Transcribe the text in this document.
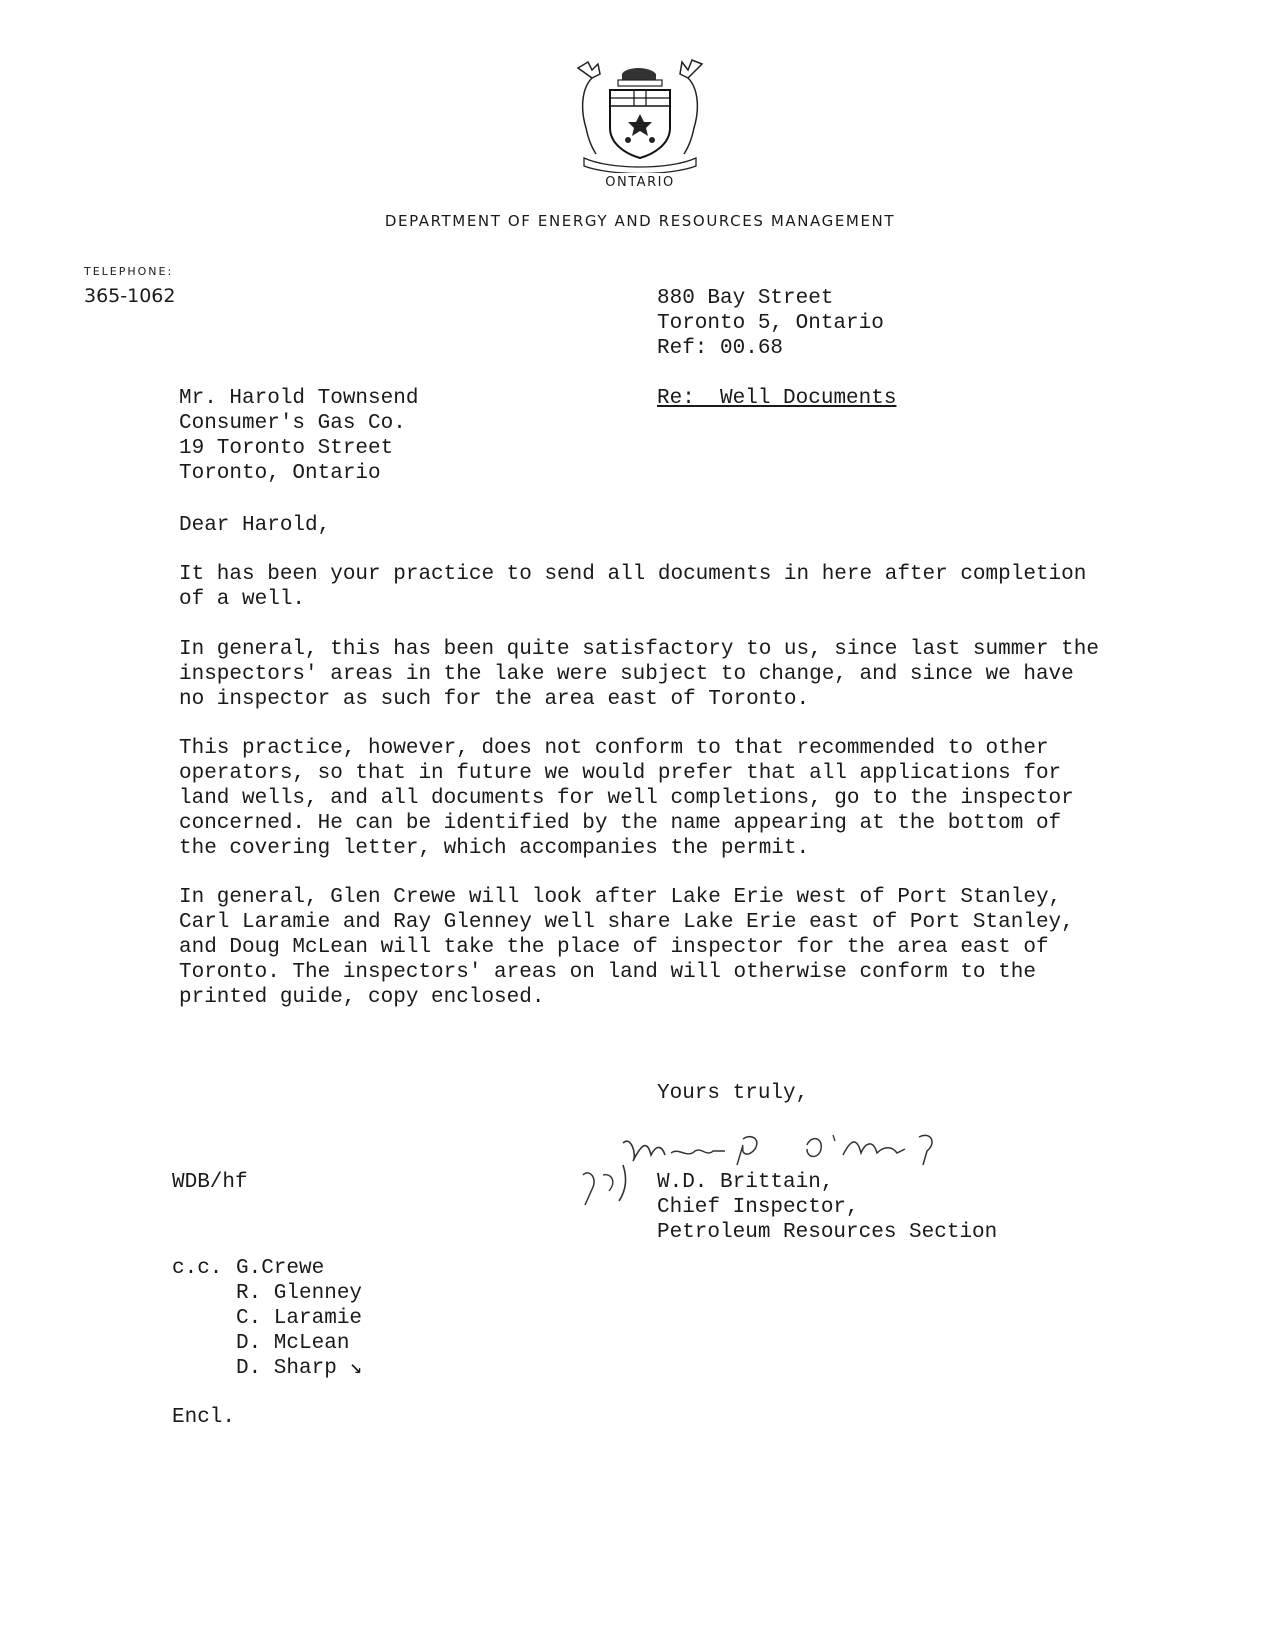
ONTARIO
DEPARTMENT OF ENERGY AND RESOURCES MANAGEMENT
TELEPHONE:
365-1062	880 Bay Street
Toronto 5, Ontario
Ref: 00.68
Mr. Harold Townsend
Consumer's Gas Co.
19 Toronto Street
Toronto, Ontario
Re: Well Documents
Dear Harold,
It has been your practice to send all documents in here after completion
of a well.
In general, this has been quite satisfactory to us, since last summer the
inspectors' areas in the lake were subject to change, and since we have
no inspector as such for the area east of Toronto.
This practice, however, does not conform to that recommended to other
operators, so that in future we would prefer that all applications for
land wells, and all documents for well completions, go to the inspector
concerned. He can be identified by the name appearing at the bottom of
the covering letter, which accompanies the permit.
In general, Glen Crewe will look after Lake Erie west of Port Stanley,
Carl Laramie and Ray Glenney well share Lake Erie east of Port Stanley,
and Doug McLean will take the place of inspector for the area east of
Toronto. The inspectors' areas on land will otherwise conform to the
printed guide, copy enclosed.
Yours truly,
per	W.D. Brittain,
Chief Inspector,
Petroleum Resources Section
WDB/hf
c.c. G.Crewe
R. Glenney
C. Laramie
D. McLean
D. Sharp ↘
Encl.
